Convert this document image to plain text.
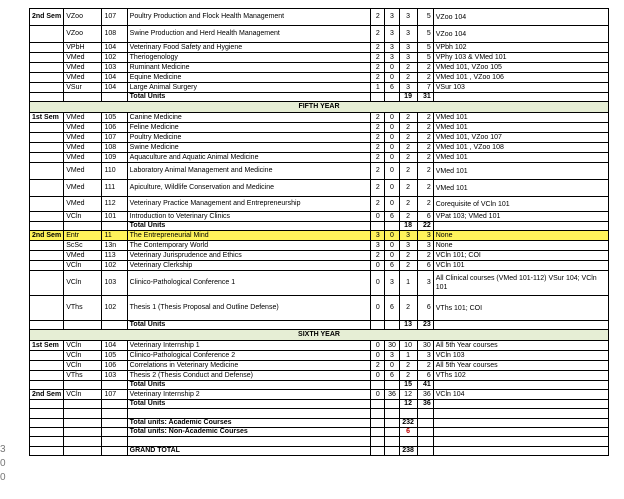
3
0
0
2nd Sem	VZoo	107	Poultry Production and Flock Health Management	2	3	3	5	VZoo 104
	VZoo	108	Swine Production and Herd Health Management	2	3	3	5	VZoo 104
	VPbH	104	Veterinary Food Safety and Hygiene	2	3	3	5	VPbh 102
	VMed	102	Theriogenology	2	3	3	5	VPhy 103 & VMed 101
	VMed	103	Ruminant Medicine	2	0	2	2	VMed 101, VZoo 105
	VMed	104	Equine Medicine	2	0	2	2	VMed 101 , VZoo 106
	VSur	104	Large Animal Surgery	1	6	3	7	VSur 103
			Total Units			19	31	
FIFTH YEAR								
1st Sem	VMed	105	Canine Medicine	2	0	2	2	VMed 101
	VMed	106	Feline Medicine	2	0	2	2	VMed 101
	VMed	107	Poultry Medicine	2	0	2	2	VMed 101, VZoo 107
	VMed	108	Swine Medicine	2	0	2	2	VMed 101 , VZoo 108
	VMed	109	Aquaculture and Aquatic Animal Medicine	2	0	2	2	VMed 101
	VMed	110	Laboratory Animal Management and Medicine	2	0	2	2	VMed 101
	VMed	111	Apiculture, Wildlife Conservation and Medicine	2	0	2	2	VMed 101
	VMed	112	Veterinary Practice Management and Entrepreneurship	2	0	2	2	Corequisite of VCln 101
	VCln	101	Introduction to Veterinary Clinics	0	6	2	6	VPat 103; VMed 101
			Total Units			18	22	
2nd Sem	Entr	11	The Entrepreneurial Mind	3	0	3	3	None
	ScSc	13n	The Contemporary World	3	0	3	3	None
	VMed	113	Veterinary Jurisprudence and Ethics	2	0	2	2	VCln 101; COI
	VCln	102	Veterinary Clerkship	0	6	2	6	VCln 101
	VCln	103	Clinico-Pathological Conference 1	0	3	1	3	All Clinical courses (VMed 101-112) VSur 104; VCln 101
	VThs	102	Thesis 1 (Thesis Proposal and Outline Defense)	0	6	2	6	VThs 101; COI
			Total Units			13	23	
SIXTH YEAR								
1st Sem	VCln	104	Veterinary Internship 1	0	30	10	30	All 5th Year courses
	VCln	105	Clinico-Pathological Conference 2	0	3	1	3	VCln 103
	VCln	106	Correlations in Veterinary Medicine	2	0	2	2	All 5th Year courses
	VThs	103	Thesis 2 (Thesis Conduct and Defense)	0	6	2	6	VThs 102
			Total Units			15	41	
2nd Sem	VCln	107	Veterinary Internship 2	0	36	12	36	VCln 104
			Total Units			12	36	

			Total units: Academic Courses			232		
			Total units: Non-Academic Courses			6		

			GRAND TOTAL			238		
